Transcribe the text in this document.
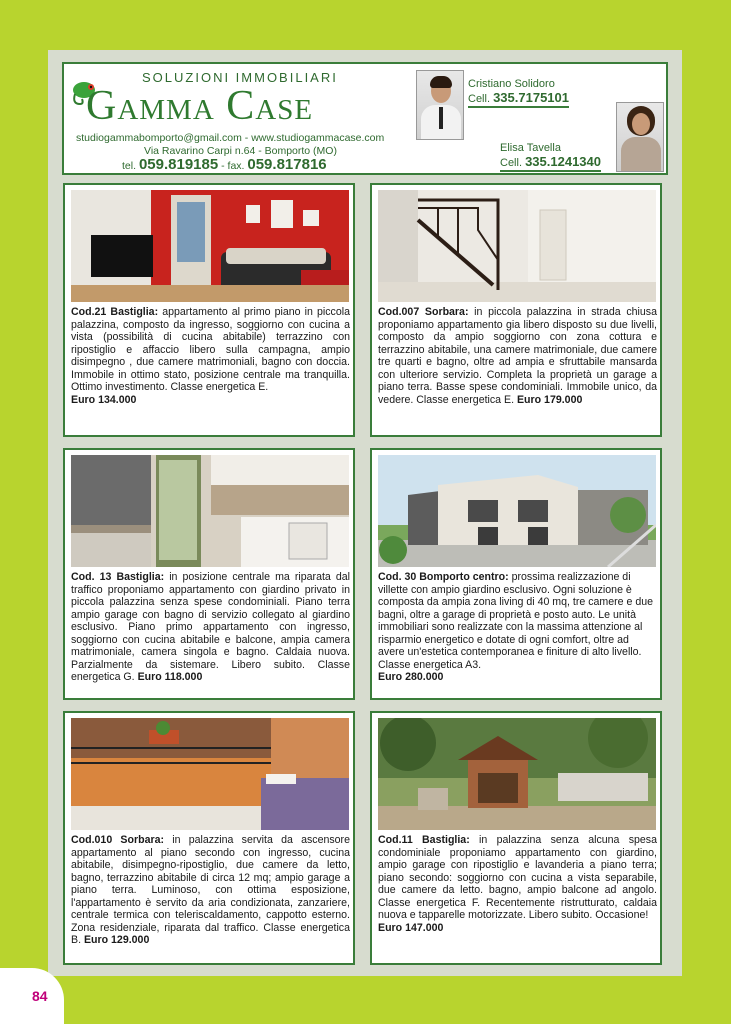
SOLUZIONI IMMOBILIARI
Gamma Case
studiogammabomporto@gmail.com - www.studiogammacase.com
Via Ravarino Carpi n.64 - Bomporto (MO)
tel. 059.819185 - fax. 059.817816
Cristiano Solidoro
Cell. 335.7175101
Elisa Tavella
Cell. 335.1241340
Cod.21 Bastiglia: appartamento al primo piano in piccola palazzina, composto da ingresso, soggiorno con cucina a vista (possibilità di cucina abitabile) terrazzino con ripostiglio e affaccio libero sulla campagna, ampio disimpegno , due camere matrimoniali, bagno con doccia. Immobile in ottimo stato, posizione centrale ma tranquilla. Ottimo investimento. Classe energetica E.
Euro 134.000
Cod.007 Sorbara: in piccola palazzina in strada chiusa proponiamo appartamento gia libero disposto su due livelli, composto da ampio soggiorno con zona cottura e terrazzino abitabile, una camere matrimoniale, due camere tre quarti e bagno, oltre ad ampia e sfruttabile mansarda con ulteriore servizio. Completa la proprietà un garage a piano terra. Basse spese condominiali. Immobile unico, da vedere. Classe energetica E. Euro 179.000
Cod. 13 Bastiglia: in posizione centrale ma riparata dal traffico proponiamo appartamento con giardino privato in piccola palazzina senza spese condominiali. Piano terra ampio garage con bagno di servizio collegato al giardino esclusivo. Piano primo appartamento con ingresso, soggiorno con cucina abitabile e balcone, ampia camera matrimoniale, camera singola e bagno. Caldaia nuova. Parzialmente da sistemare. Libero subito. Classe energetica G. Euro 118.000
Cod. 30 Bomporto centro: prossima realizzazione di villette con ampio giardino esclusivo. Ogni soluzione è composta da ampia zona living di 40 mq, tre camere e due bagni, oltre a garage di proprietà e posto auto. Le unità immobiliari sono realizzate con la massima attenzione al risparmio energetico e dotate di ogni comfort, oltre ad avere un'estetica contemporanea e finiture di alto livello. Classe energetica A3.
Euro 280.000
Cod.010 Sorbara: in palazzina servita da ascensore appartamento al piano secondo con ingresso, cucina abitabile, disimpegno-ripostiglio, due camere da letto, bagno, terrazzino abitabile di circa 12 mq; ampio garage a piano terra. Luminoso, con ottima esposizione, l'appartamento è servito da aria condizionata, zanzariere, centrale termica con teleriscaldamento, cappotto esterno. Zona residenziale, riparata dal traffico. Classe energetica B. Euro 129.000
Cod.11 Bastiglia: in palazzina senza alcuna spesa condominiale proponiamo appartamento con giardino, ampio garage con ripostiglio e lavanderia a piano terra; piano secondo: soggiorno con cucina a vista separabile, due camere da letto. bagno, ampio balcone ad angolo. Classe energetica F. Recentemente ristrutturato, caldaia nuova e tapparelle motorizzate. Libero subito. Occasione!
Euro 147.000
84
